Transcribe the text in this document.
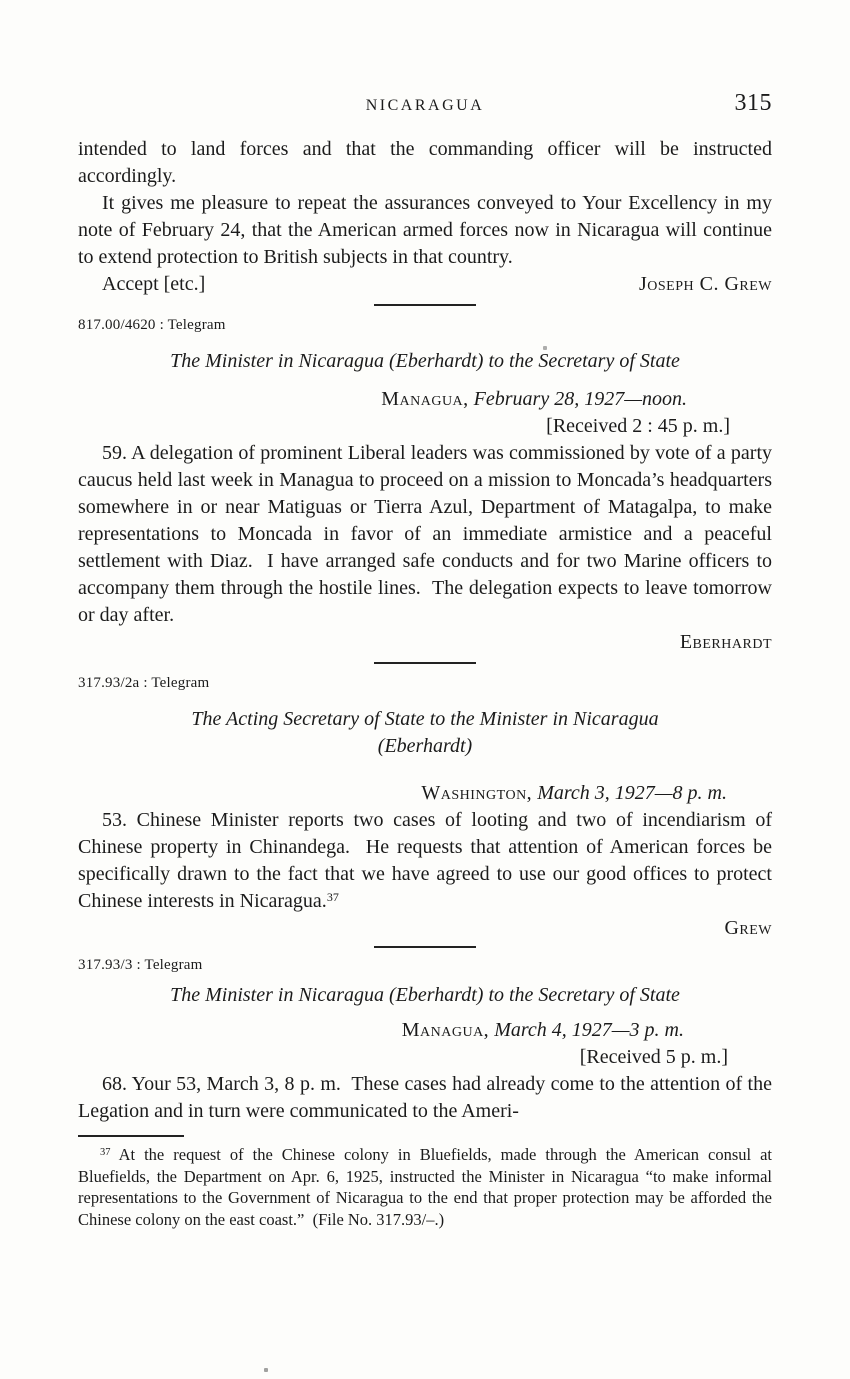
NICARAGUA	315

intended to land forces and that the commanding officer will be instructed accordingly.

It gives me pleasure to repeat the assurances conveyed to Your Excellency in my note of February 24, that the American armed forces now in Nicaragua will continue to extend protection to British subjects in that country.

Accept [etc.]	Joseph C. Grew

817.00/4620 : Telegram

The Minister in Nicaragua (Eberhardt) to the Secretary of State

Managua, February 28, 1927—noon.

[Received 2 : 45 p. m.]

59. A delegation of prominent Liberal leaders was commissioned by vote of a party caucus held last week in Managua to proceed on a mission to Moncada’s headquarters somewhere in or near Matiguas or Tierra Azul, Department of Matagalpa, to make representations to Moncada in favor of an immediate armistice and a peaceful settlement with Diaz.  I have arranged safe conducts and for two Marine officers to accompany them through the hostile lines.  The delegation expects to leave tomorrow or day after.

Eberhardt

317.93/2a : Telegram

The Acting Secretary of State to the Minister in Nicaragua

(Eberhardt)

Washington, March 3, 1927—8 p. m.

53. Chinese Minister reports two cases of looting and two of incendiarism of Chinese property in Chinandega.  He requests that attention of American forces be specifically drawn to the fact that we have agreed to use our good offices to protect Chinese interests in Nicaragua.$^{37}$

Grew

317.93/3 : Telegram

The Minister in Nicaragua (Eberhardt) to the Secretary of State

Managua, March 4, 1927—3 p. m.

[Received 5 p. m.]

68. Your 53, March 3, 8 p. m.  These cases had already come to the attention of the Legation and in turn were communicated to the Ameri-

$^{37}$ At the request of the Chinese colony in Bluefields, made through the American consul at Bluefields, the Department on Apr. 6, 1925, instructed the Minister in Nicaragua “to make informal representations to the Government of Nicaragua to the end that proper protection may be afforded the Chinese colony on the east coast.”  (File No. 317.93/–.)
